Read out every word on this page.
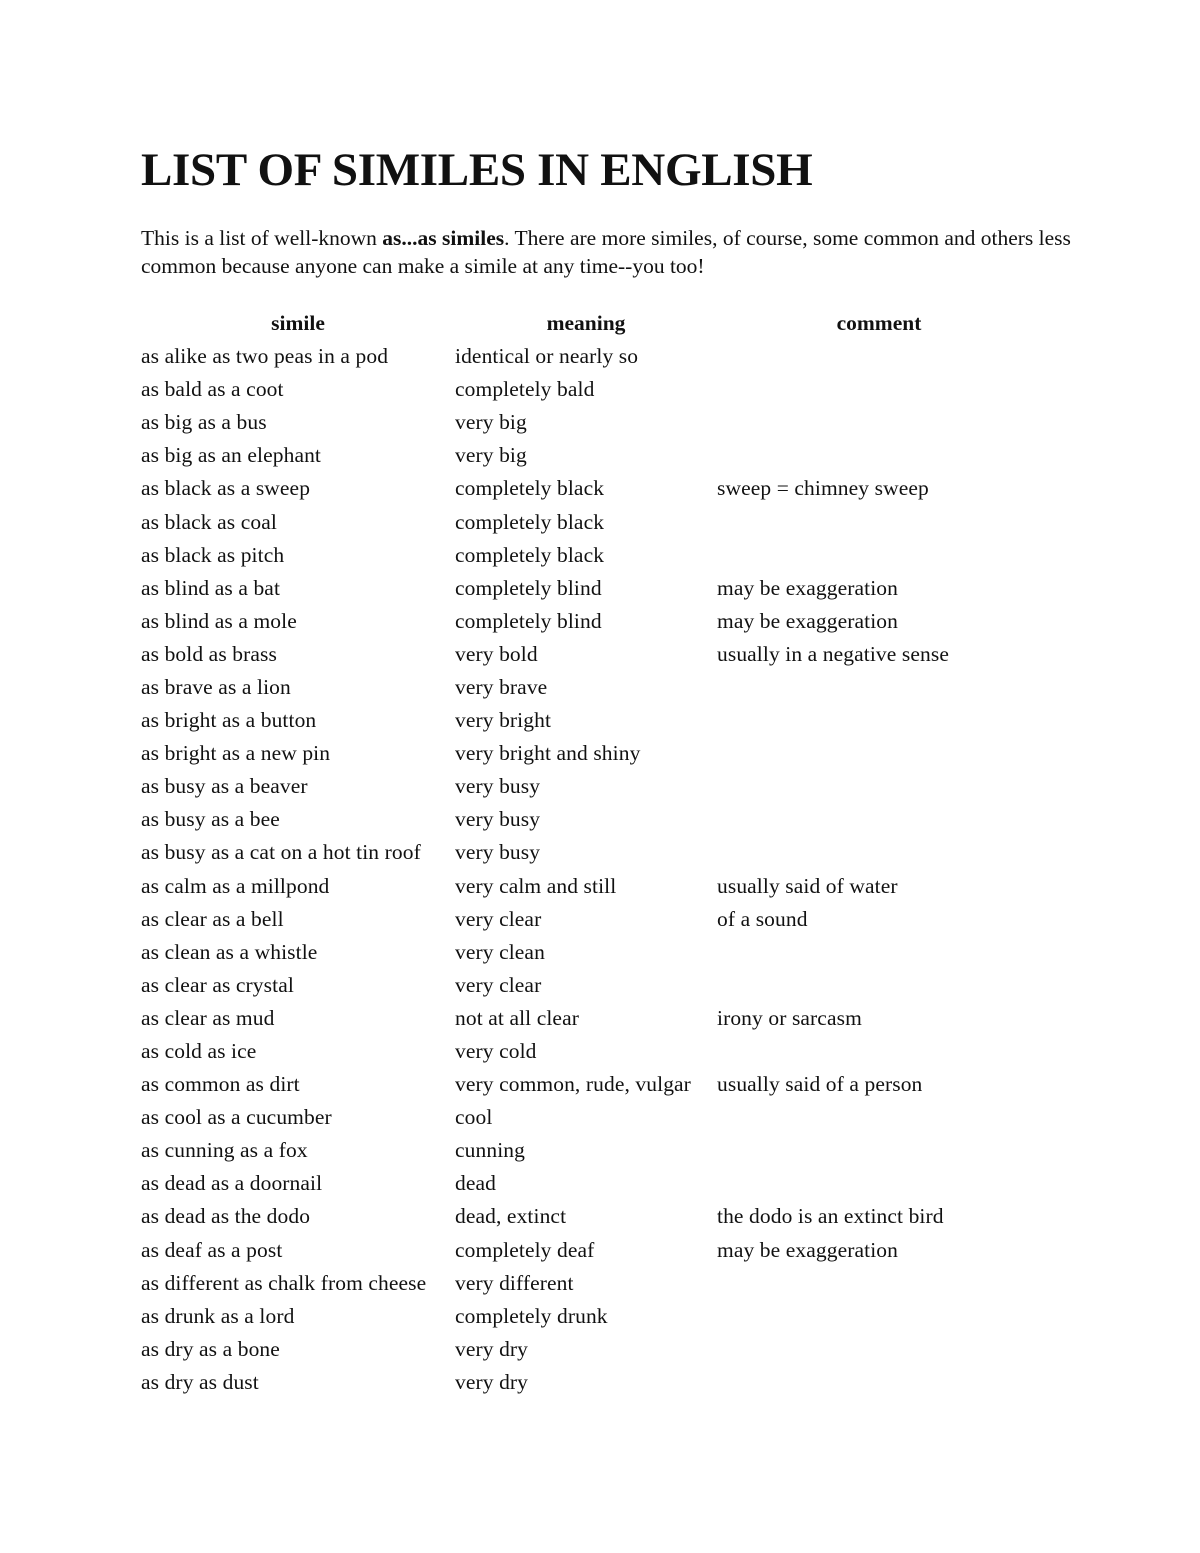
LIST OF SIMILES IN ENGLISH

This is a list of well-known as...as similes. There are more similes, of course, some common and others less common because anyone can make a simile at any time--you too!

simile	meaning	comment
as alike as two peas in a pod	identical or nearly so	
as bald as a coot	completely bald	
as big as a bus	very big	
as big as an elephant	very big	
as black as a sweep	completely black	sweep = chimney sweep
as black as coal	completely black	
as black as pitch	completely black	
as blind as a bat	completely blind	may be exaggeration
as blind as a mole	completely blind	may be exaggeration
as bold as brass	very bold	usually in a negative sense
as brave as a lion	very brave	
as bright as a button	very bright	
as bright as a new pin	very bright and shiny	
as busy as a beaver	very busy	
as busy as a bee	very busy	
as busy as a cat on a hot tin roof	very busy	
as calm as a millpond	very calm and still	usually said of water
as clear as a bell	very clear	of a sound
as clean as a whistle	very clean	
as clear as crystal	very clear	
as clear as mud	not at all clear	irony or sarcasm
as cold as ice	very cold	
as common as dirt	very common, rude, vulgar	usually said of a person
as cool as a cucumber	cool	
as cunning as a fox	cunning	
as dead as a doornail	dead	
as dead as the dodo	dead, extinct	the dodo is an extinct bird
as deaf as a post	completely deaf	may be exaggeration
as different as chalk from cheese	very different	
as drunk as a lord	completely drunk	
as dry as a bone	very dry	
as dry as dust	very dry	
